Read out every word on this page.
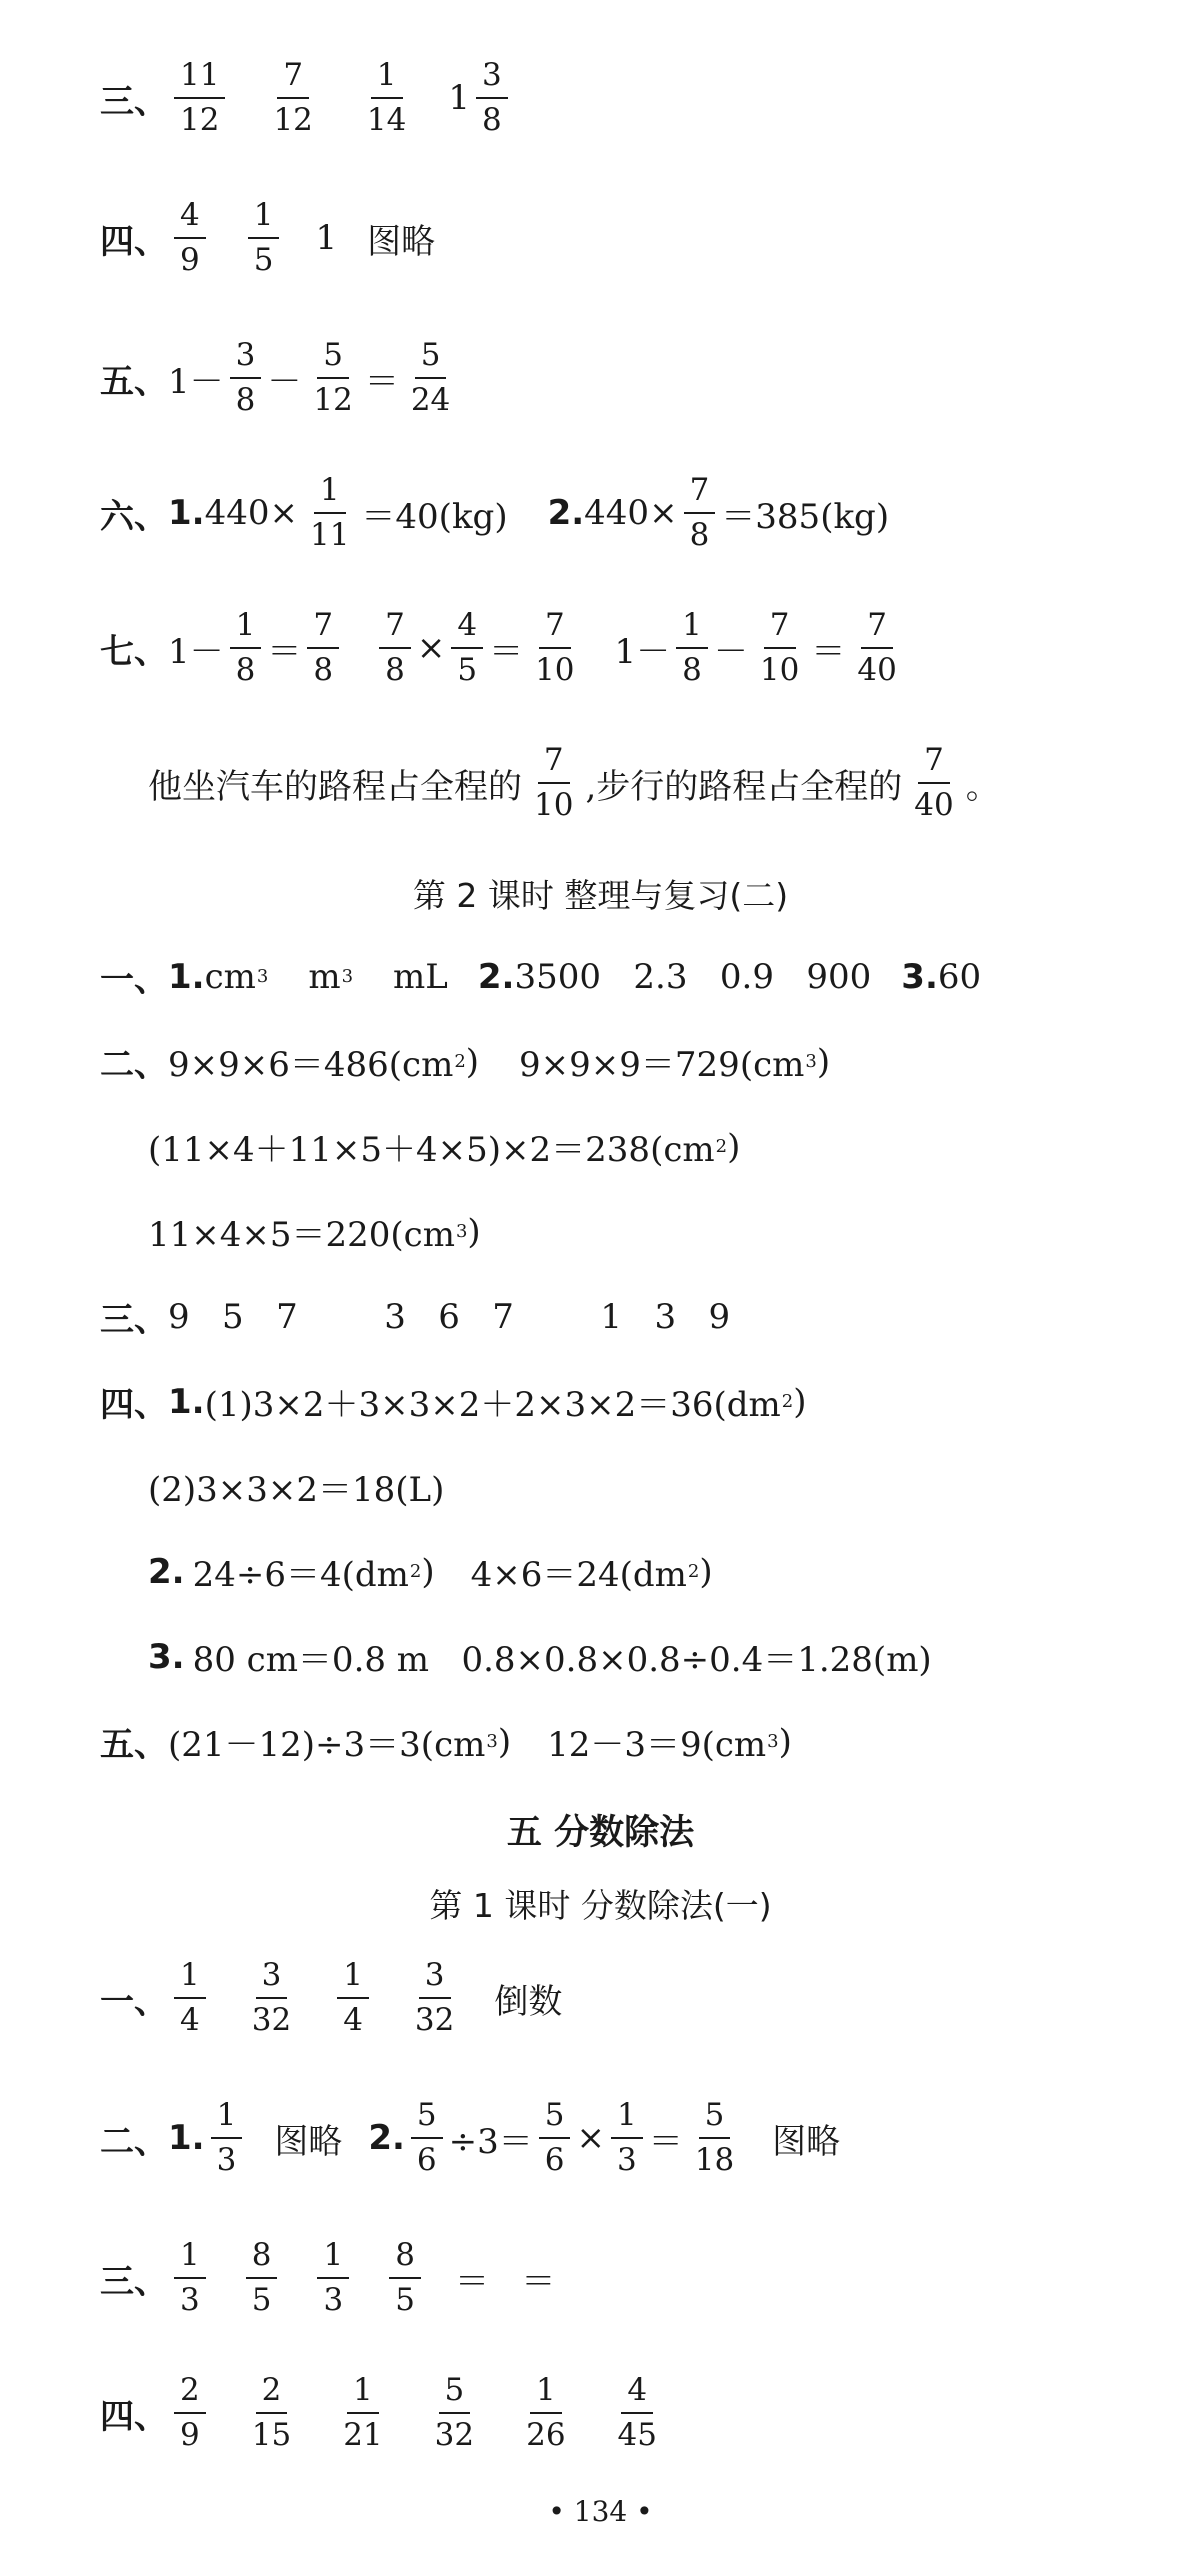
三、
11
12
7
12
1
14
1
3
8
四、
4
9
1
5
1 图略
五、 1－
3
8 －
5
12 ＝
5
24
六、 1. $440\times \frac{1}{11} =40(kg)$ 2. $440\times \frac{7}{8} =385(kg)$
七、 1－
1
8 ＝
7
$8 \frac{7}{8} \times \frac{4}{5}$ ＝
7
10 1－
1
8 －
7
10 ＝
7
40
他坐汽车的路程占全程的
7
10 ,步行的路程占全程的
7
40 。
第 2 课时 整理与复习(二)
一、 1. cm 3 m 3 mL 2. 3500   2.3   0.9   900 3. 60
二、 9×9×6＝486(cm 2 ) 9×9×9＝729(cm 3 )
(11×4＋11×5＋4×5)×2＝238(cm 2 )
11×4×5＝220(cm 3 )
三、 9   5   7        3   6   7        1   3   9
四、 1. (1)3×2＋3×3×2＋2×3×2＝36(dm 2 )
(2)3×3×2＝18(L)
2. 24÷6＝4(dm 2 ) 4×6＝24(dm 2 )
3. 80 cm＝0.8 m   0.8×0.8×0.8÷0.4＝1.28(m)
五、 (21－12)÷3＝3(cm 3 ) 12－3＝9(cm 3 )
五 分数除法
第 1 课时 分数除法(一)
一、
1
4
3
32
1
4
3
32 倒数
二、 1.
1
3 图略 2. $\frac{5}{6} \div 3= \frac{5}{6} \times \frac{1}{3}$ ＝
5
18 图略
三、
1
3
8
5
1
3
8
5 ＝   ＝
四、
2
9
2
15
1
21
5
32
1
26
4
45
• 134 •
